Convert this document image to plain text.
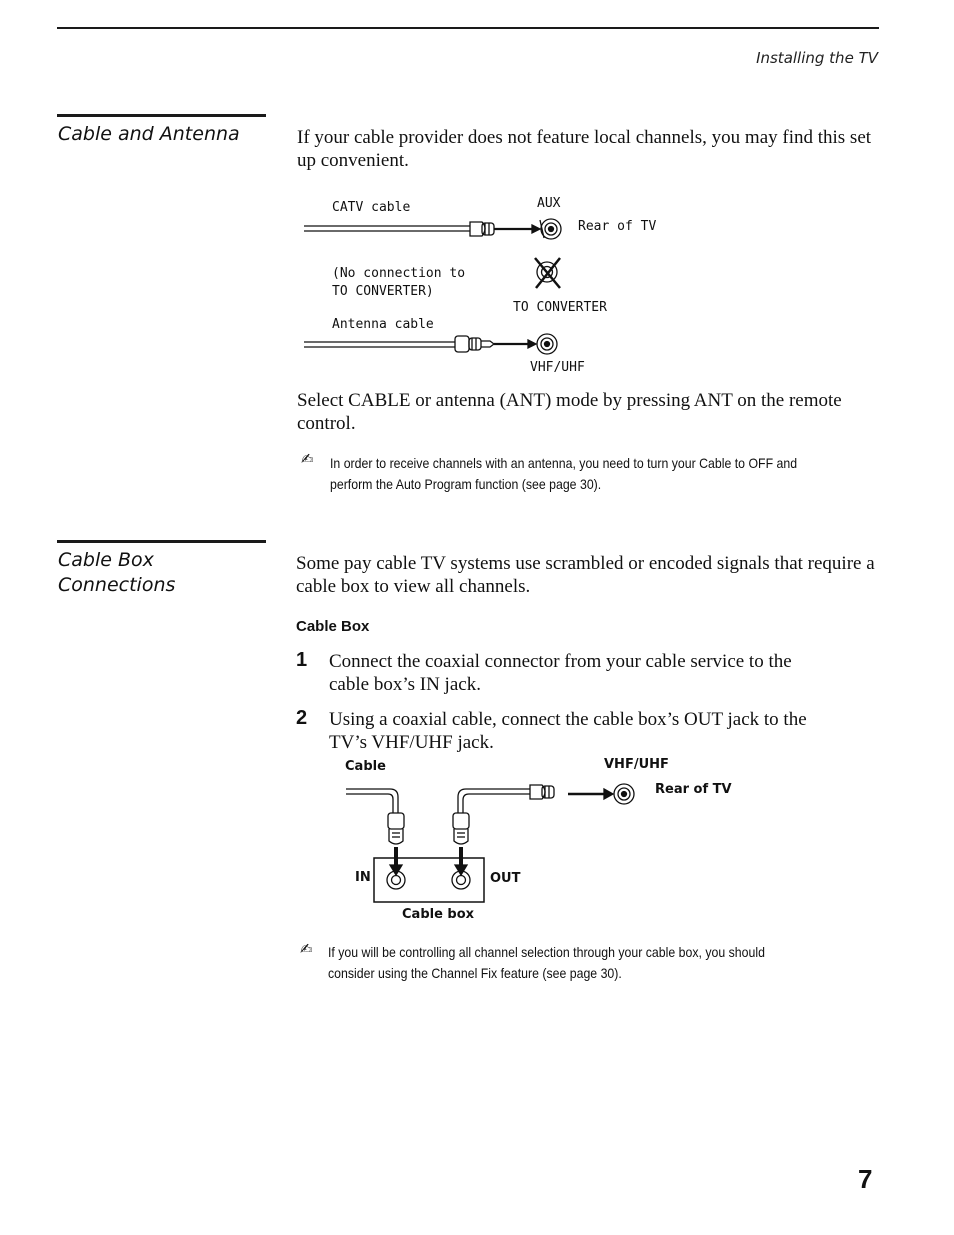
Installing the TV
Cable and Antenna	If your cable provider does not feature local channels, you may find this set up convenient.
CATV cable	AUX
Rear of TV
(No connection to
TO CONVERTER)
TO CONVERTER
Antenna cable
VHF/UHF
Select CABLE or antenna (ANT) mode by pressing ANT on the remote control.
✍ In order to receive channels with an antenna, you need to turn your Cable to OFF and
perform the Auto Program function (see page 30).
Cable Box
Connections
Some pay cable TV systems use scrambled or encoded signals that require a cable box to view all channels.
Cable Box
1 Connect the coaxial connector from your cable service to the
cable box’s IN jack.
2 Using a coaxial cable, connect the cable box’s OUT jack to the
TV’s VHF/UHF jack.
Cable	VHF/UHF
Rear of TV
IN	OUT
Cable box
✍ If you will be controlling all channel selection through your cable box, you should
consider using the Channel Fix feature (see page 30).
7
